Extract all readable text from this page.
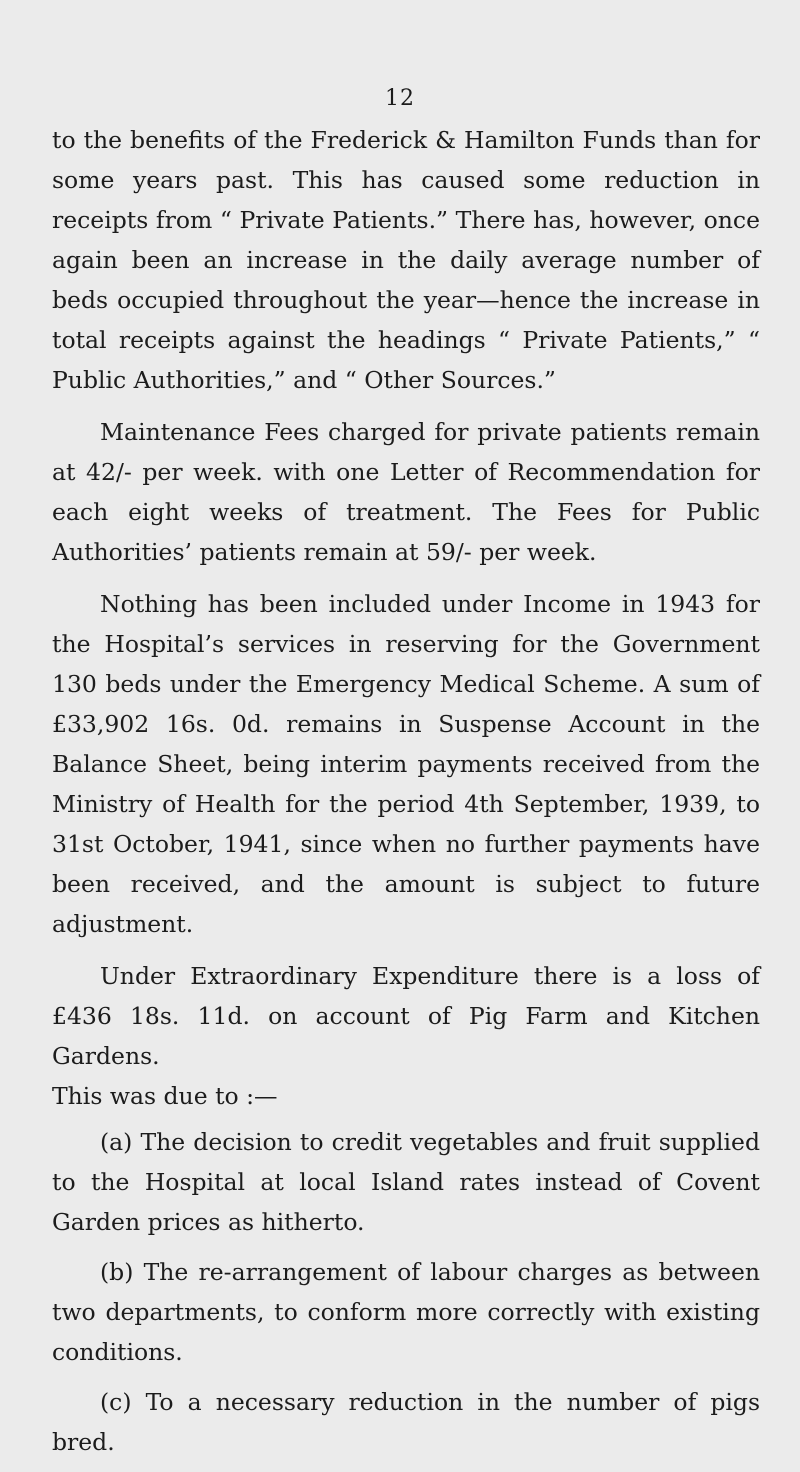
12

to the benefits of the Frederick & Hamilton Funds than for some years past. This has caused some reduction in receipts from “ Private Patients.” There has, however, once again been an increase in the daily average number of beds occupied throughout the year—hence the increase in total receipts against the headings “ Private Patients,” “ Public Authorities,” and “ Other Sources.”

Maintenance Fees charged for private patients remain at 42/- per week. with one Letter of Recommendation for each eight weeks of treatment. The Fees for Public Authorities’ patients remain at 59/- per week.

Nothing has been included under Income in 1943 for the Hospital’s services in reserving for the Government 130 beds under the Emergency Medical Scheme. A sum of £33,902 16s. 0d. remains in Suspense Account in the Balance Sheet, being interim payments received from the Ministry of Health for the period 4th September, 1939, to 31st October, 1941, since when no further payments have been received, and the amount is subject to future adjustment.

Under Extraordinary Expenditure there is a loss of £436 18s. 11d. on account of Pig Farm and Kitchen Gardens.

This was due to :—

(a) The decision to credit vegetables and fruit supplied to the Hospital at local Island rates instead of Covent Garden prices as hitherto.

(b) The re-arrangement of labour charges as between two departments, to conform more correctly with existing conditions.

(c) To a necessary reduction in the number of pigs bred.
